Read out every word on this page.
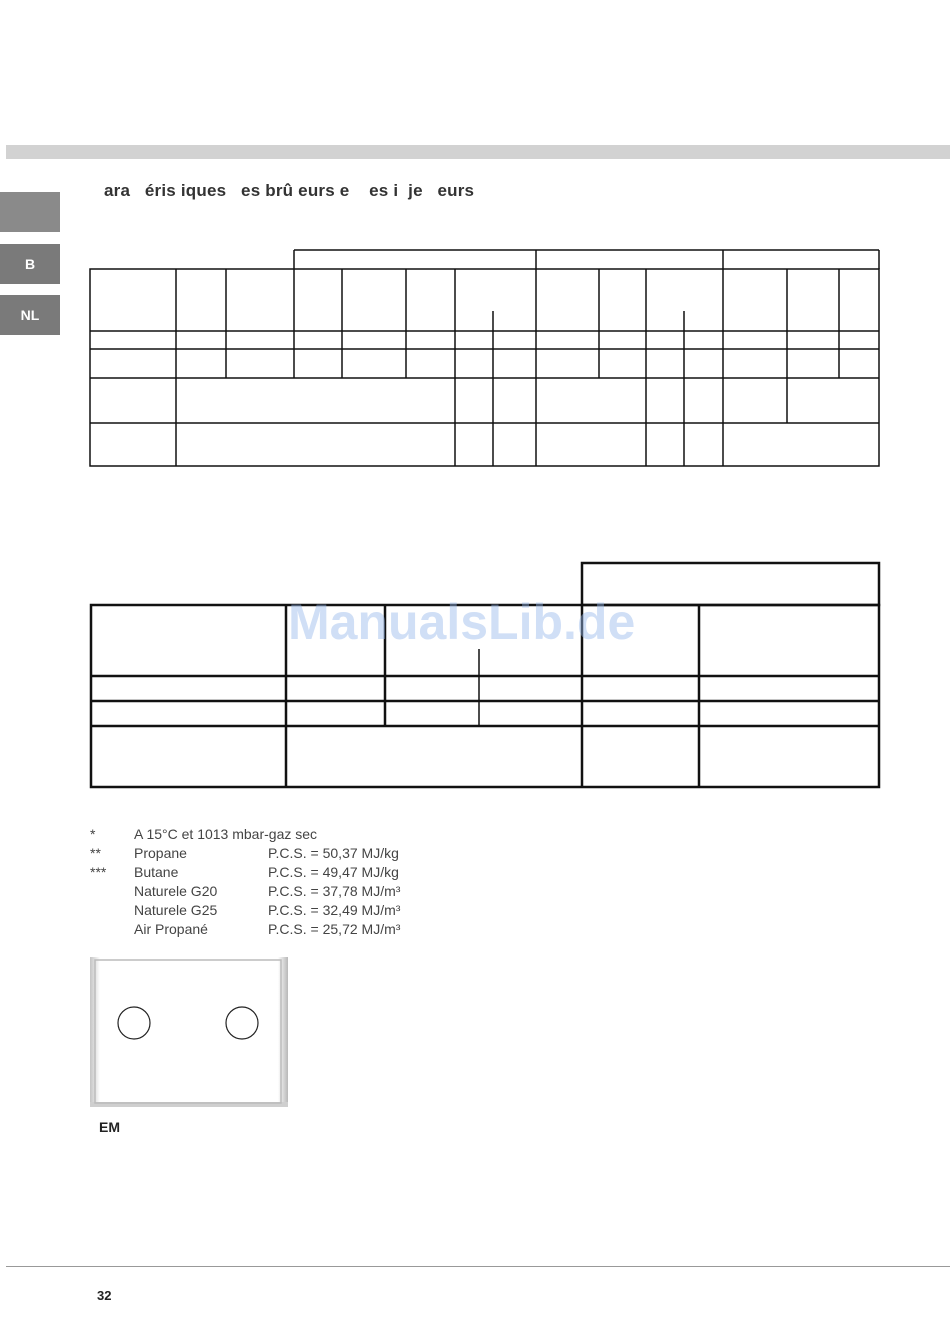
B
NL
ara   éris iques   es brû eurs e    es i  je   eurs
ManualsLib.de
*	A 15°C et 1013 mbar-gaz sec
** Propane	P.C.S. = 50,37 MJ/kg
*** Butane	P.C.S. = 49,47 MJ/kg
Naturele G20	P.C.S. = 37,78 MJ/m³
Naturele G25	P.C.S. = 32,49 MJ/m³
Air Propané	P.C.S. = 25,72 MJ/m³
EM
32
